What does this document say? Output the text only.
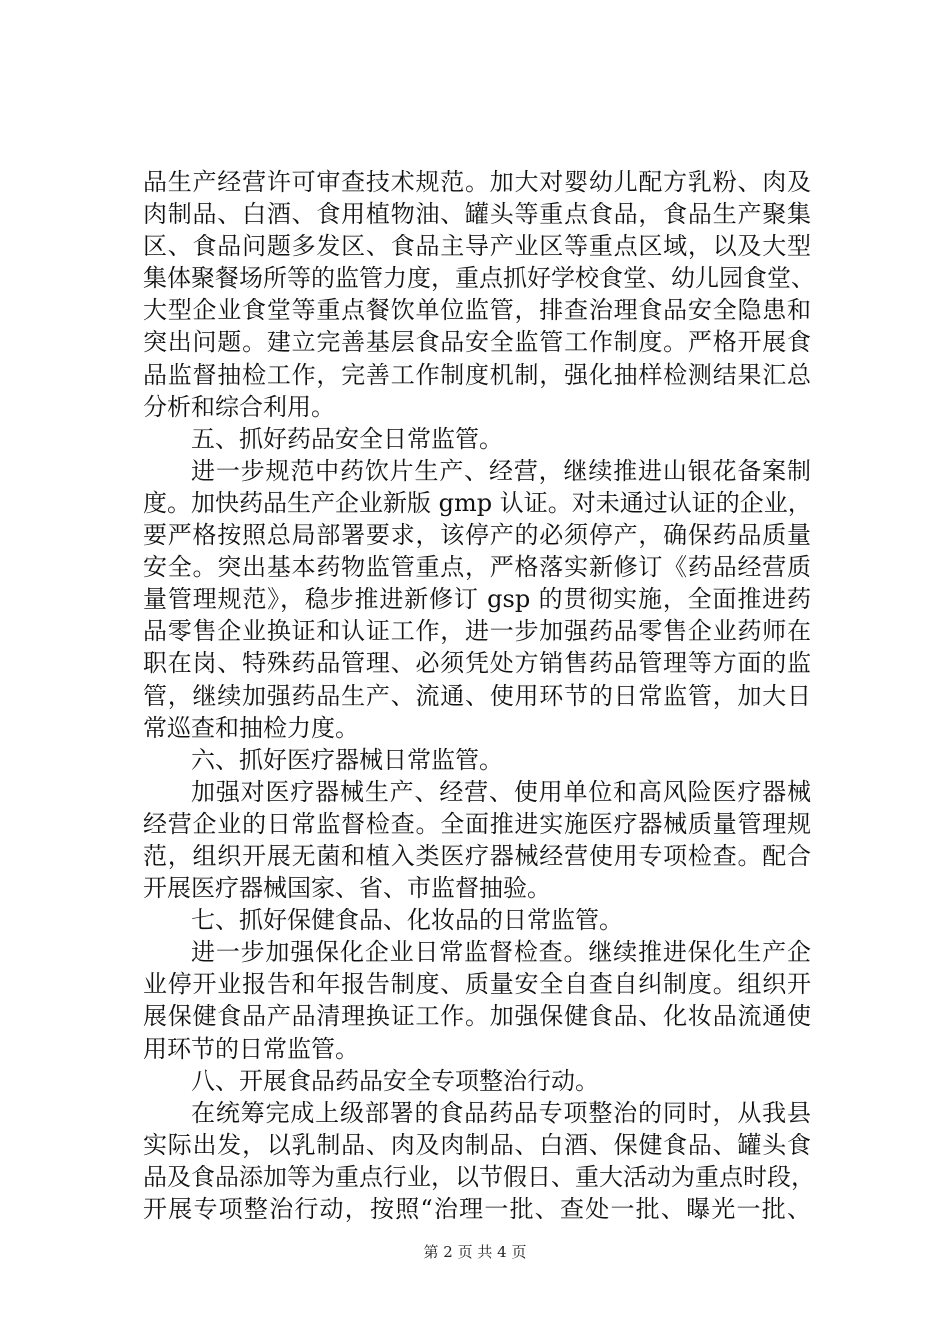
品生产经营许可审查技术规范。加大对婴幼儿配方乳粉、肉及
肉制品、白酒、食用植物油、罐头等重点食品，食品生产聚集
区、食品问题多发区、食品主导产业区等重点区域，以及大型
集体聚餐场所等的监管力度，重点抓好学校食堂、幼儿园食堂、
大型企业食堂等重点餐饮单位监管，排查治理食品安全隐患和
突出问题。建立完善基层食品安全监管工作制度。严格开展食
品监督抽检工作，完善工作制度机制，强化抽样检测结果汇总
分析和综合利用。
五、抓好药品安全日常监管。
进一步规范中药饮片生产、经营，继续推进山银花备案制
度。加快药品生产企业新版 gmp 认证。对未通过认证的企业，
要严格按照总局部署要求，该停产的必须停产，确保药品质量
安全。突出基本药物监管重点，严格落实新修订《药品经营质
量管理规范》，稳步推进新修订 gsp 的贯彻实施，全面推进药
品零售企业换证和认证工作，进一步加强药品零售企业药师在
职在岗、特殊药品管理、必须凭处方销售药品管理等方面的监
管，继续加强药品生产、流通、使用环节的日常监管，加大日
常巡查和抽检力度。
六、抓好医疗器械日常监管。
加强对医疗器械生产、经营、使用单位和高风险医疗器械
经营企业的日常监督检查。全面推进实施医疗器械质量管理规
范，组织开展无菌和植入类医疗器械经营使用专项检查。配合
开展医疗器械国家、省、市监督抽验。
七、抓好保健食品、化妆品的日常监管。
进一步加强保化企业日常监督检查。继续推进保化生产企
业停开业报告和年报告制度、质量安全自查自纠制度。组织开
展保健食品产品清理换证工作。加强保健食品、化妆品流通使
用环节的日常监管。
八、开展食品药品安全专项整治行动。
在统筹完成上级部署的食品药品专项整治的同时，从我县
实际出发，以乳制品、肉及肉制品、白酒、保健食品、罐头食
品及食品添加等为重点行业，以节假日、重大活动为重点时段，
开展专项整治行动，按照“治理一批、查处一批、曝光一批、
第 2 页 共 4 页
